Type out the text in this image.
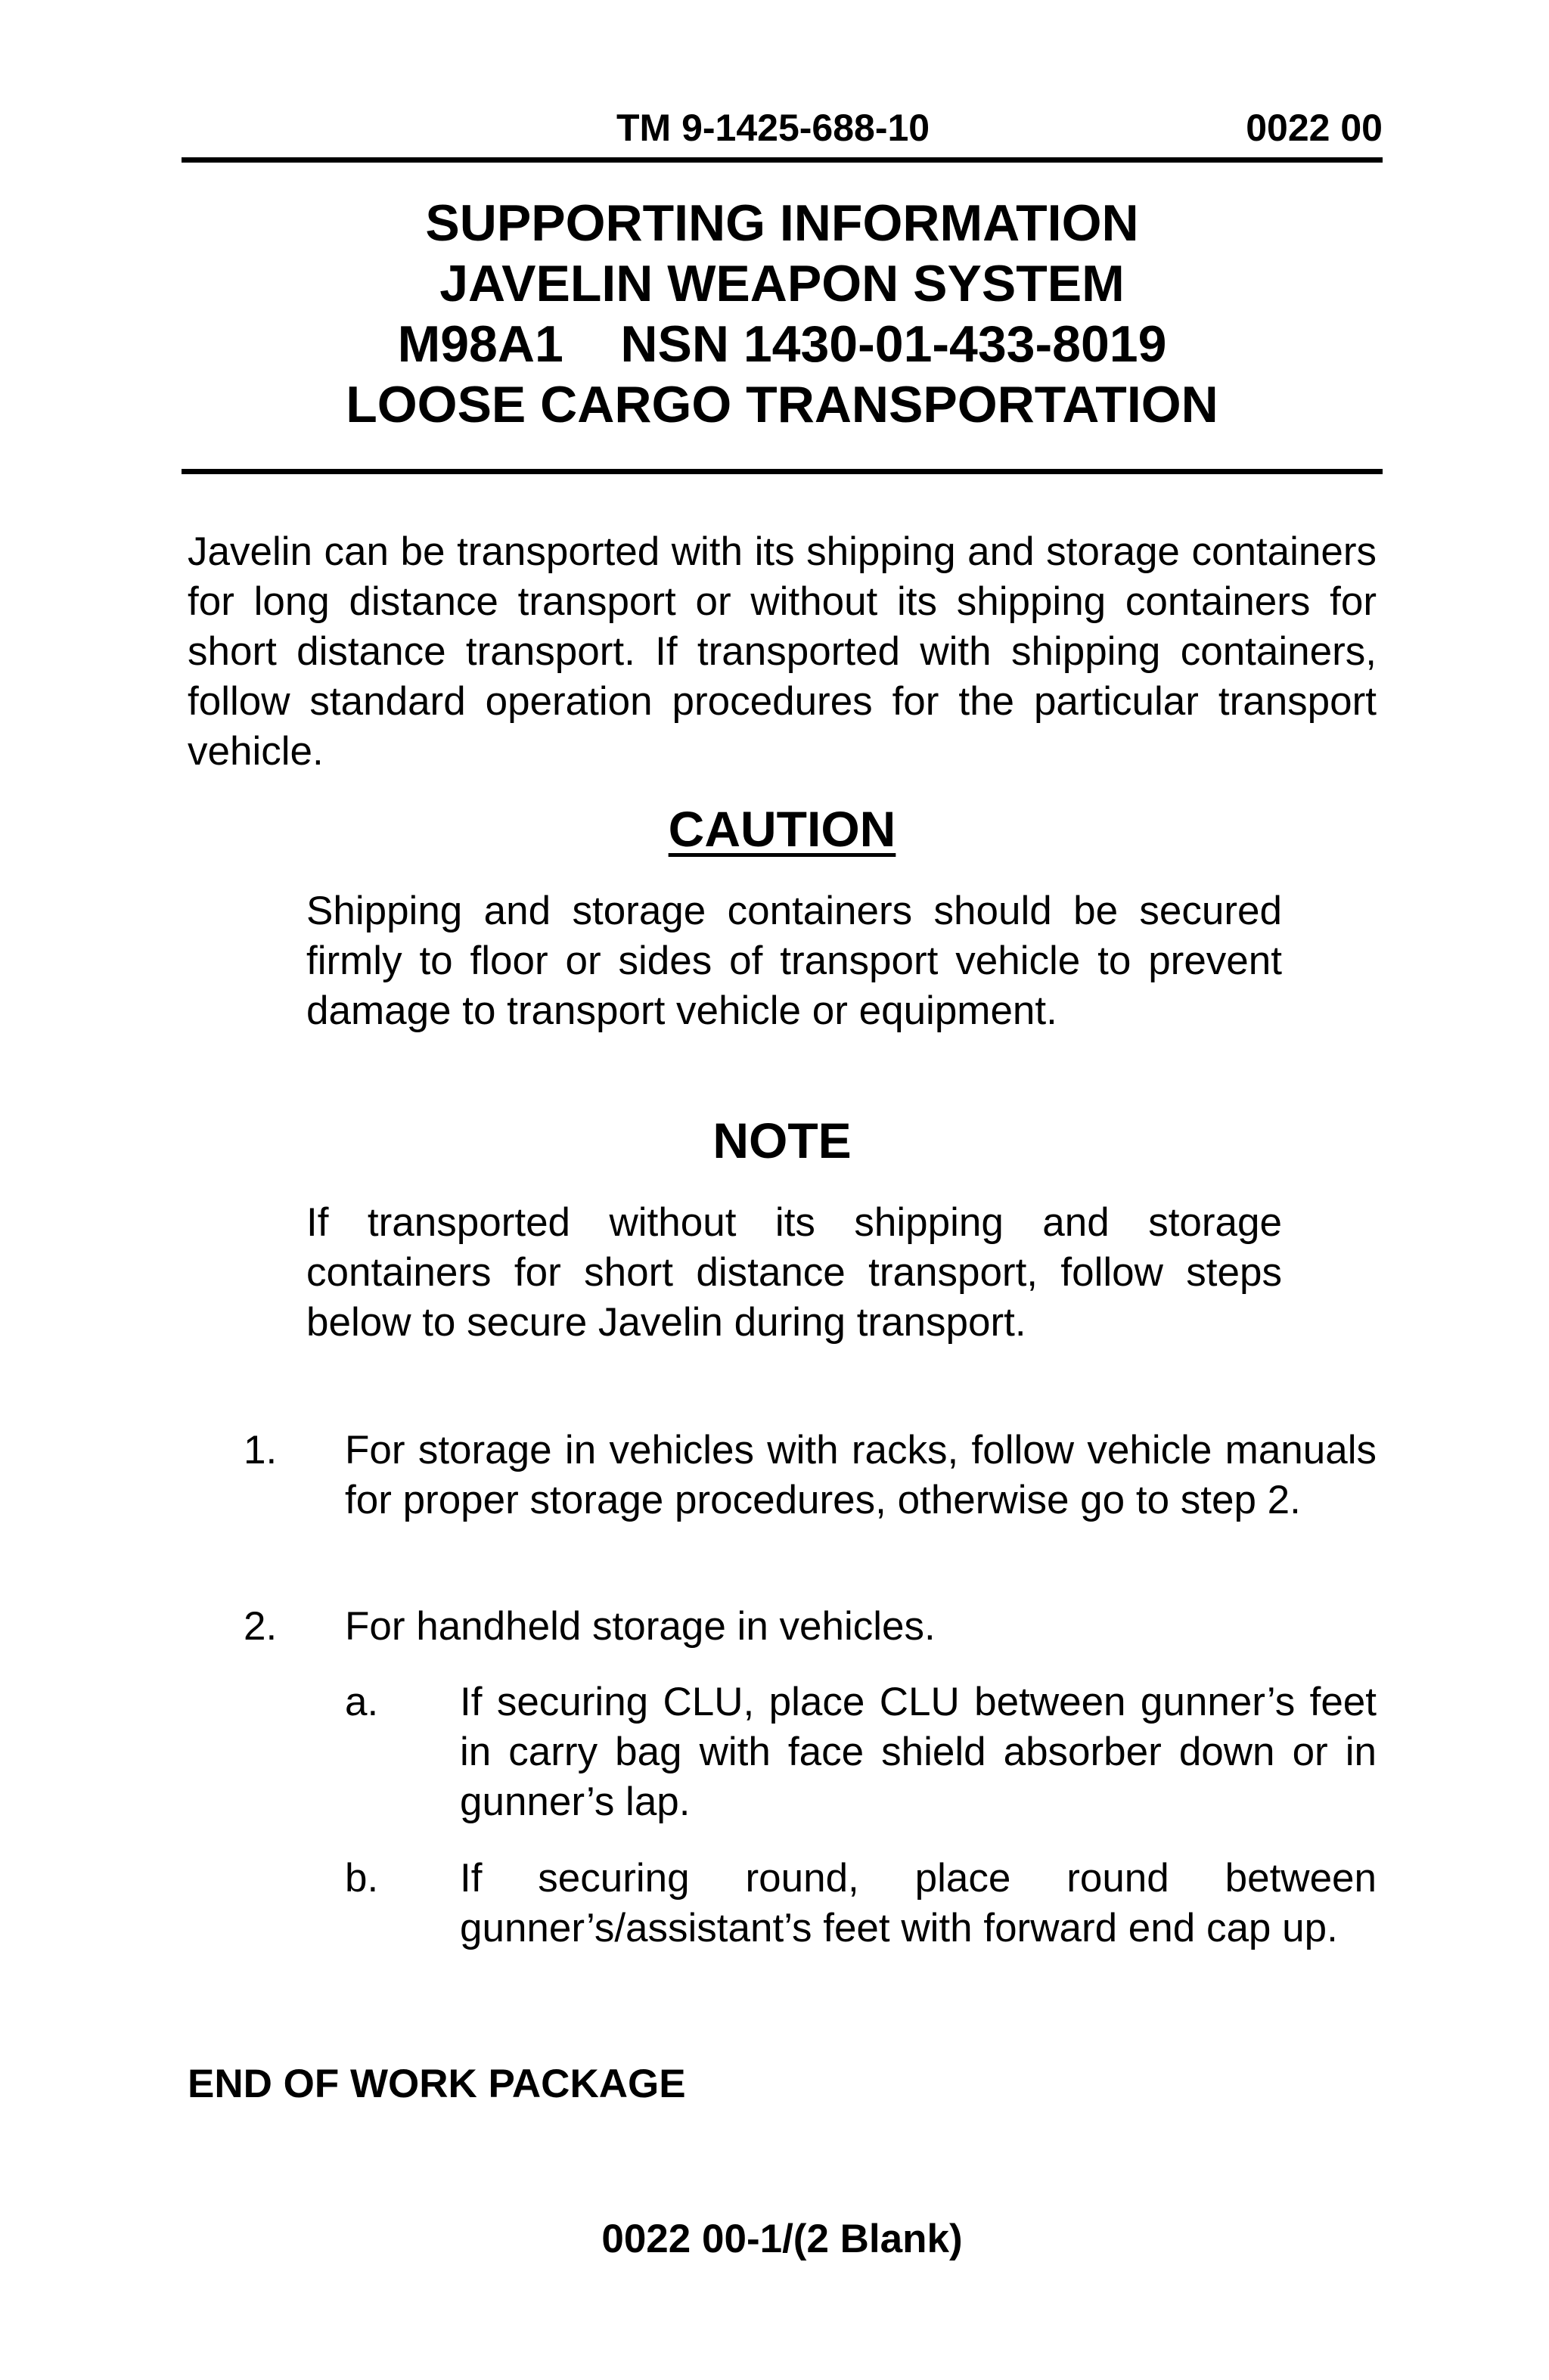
TM 9-1425-688-10	0022 00
SUPPORTING INFORMATION
JAVELIN WEAPON SYSTEM
M98A1    NSN 1430-01-433-8019
LOOSE CARGO TRANSPORTATION
Javelin can be transported with its shipping and storage containers for long distance transport or without its shipping containers for short distance transport. If transported with shipping containers, follow standard operation procedures for the particular transport vehicle.
CAUTION
Shipping and storage containers should be secured firmly to floor or sides of transport vehicle to prevent damage to transport vehicle or equipment.
NOTE
If transported without its shipping and storage containers for short distance transport, follow steps below to secure Javelin during transport.
1. For storage in vehicles with racks, follow vehicle manuals for proper storage procedures, otherwise go to step 2.
2. For handheld storage in vehicles.
a. If securing CLU, place CLU between gunner’s feet in carry bag with face shield absorber down or in gunner’s lap.
b. If securing round, place round between gunner’s/assistant’s feet with forward end cap up.
END OF WORK PACKAGE
0022 00-1/(2 Blank)
